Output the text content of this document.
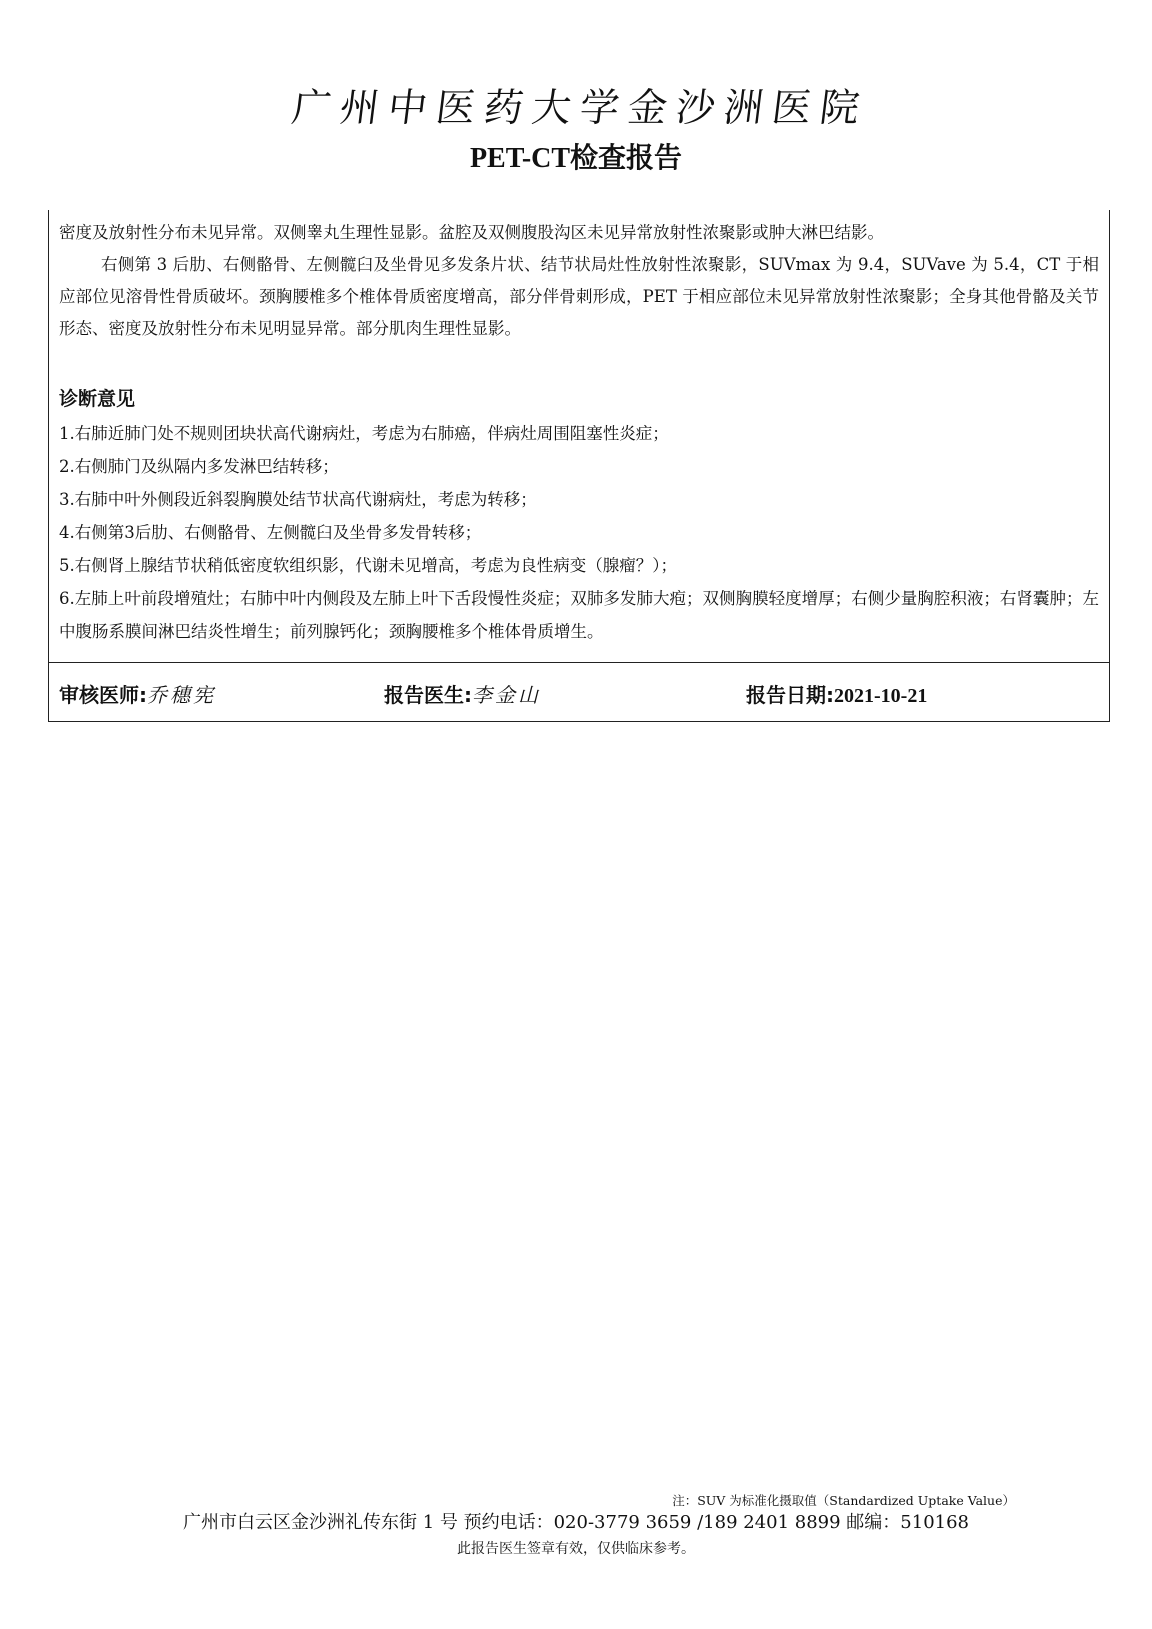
广州中医药大学金沙洲医院
PET-CT检查报告

密度及放射性分布未见异常。双侧睾丸生理性显影。盆腔及双侧腹股沟区未见异常放射性浓聚影或肿大淋巴结影。

右侧第 3 后肋、右侧骼骨、左侧髋臼及坐骨见多发条片状、结节状局灶性放射性浓聚影，SUVmax 为 9.4，SUVave 为 5.4，CT 于相应部位见溶骨性骨质破坏。颈胸腰椎多个椎体骨质密度增高，部分伴骨刺形成，PET 于相应部位未见异常放射性浓聚影；全身其他骨骼及关节形态、密度及放射性分布未见明显异常。部分肌肉生理性显影。

诊断意见
1.右肺近肺门处不规则团块状高代谢病灶，考虑为右肺癌，伴病灶周围阻塞性炎症；
2.右侧肺门及纵隔内多发淋巴结转移；
3.右肺中叶外侧段近斜裂胸膜处结节状高代谢病灶，考虑为转移；
4.右侧第3后肋、右侧骼骨、左侧髋臼及坐骨多发骨转移；
5.右侧肾上腺结节状稍低密度软组织影，代谢未见增高，考虑为良性病变（腺瘤？）；
6.左肺上叶前段增殖灶；右肺中叶内侧段及左肺上叶下舌段慢性炎症；双肺多发肺大疱；双侧胸膜轻度增厚；右侧少量胸腔积液；右肾囊肿；左中腹肠系膜间淋巴结炎性增生；前列腺钙化；颈胸腰椎多个椎体骨质增生。
审核医师:乔穗宪	报告医生:李金山	报告日期:2021-10-21
注：SUV 为标准化摄取值（Standardized Uptake Value）
广州市白云区金沙洲礼传东街 1 号 预约电话：020-3779 3659 /189 2401 8899 邮编：510168
此报告医生签章有效，仅供临床参考。
